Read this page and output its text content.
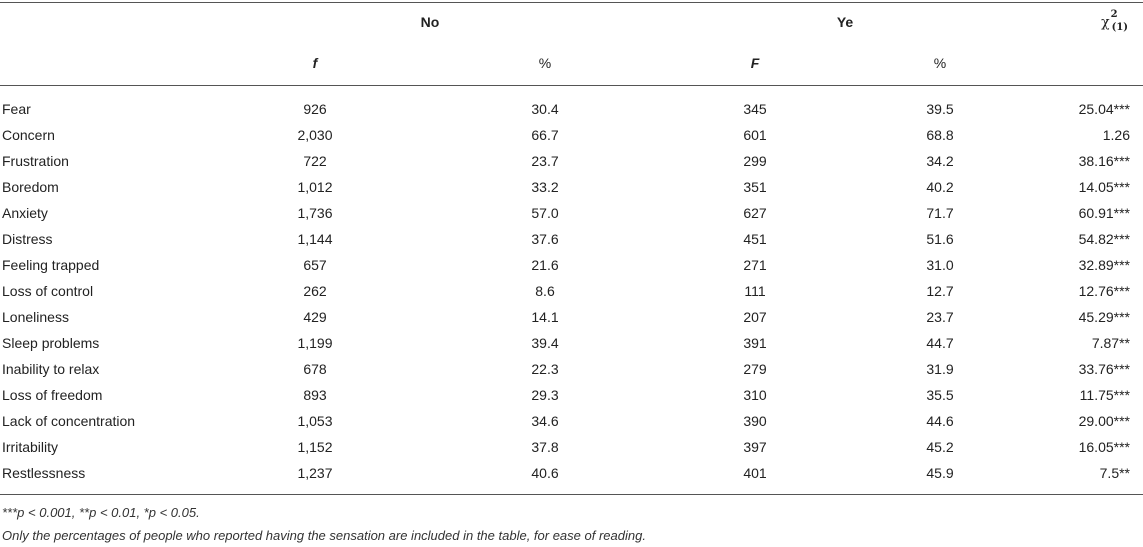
	No		Ye		$\chi^2_{(1)}$
	f	%	F	%	
Fear	926	30.4	345	39.5	25.04***
Concern	2,030	66.7	601	68.8	1.26
Frustration	722	23.7	299	34.2	38.16***
Boredom	1,012	33.2	351	40.2	14.05***
Anxiety	1,736	57.0	627	71.7	60.91***
Distress	1,144	37.6	451	51.6	54.82***
Feeling trapped	657	21.6	271	31.0	32.89***
Loss of control	262	8.6	111	12.7	12.76***
Loneliness	429	14.1	207	23.7	45.29***
Sleep problems	1,199	39.4	391	44.7	7.87**
Inability to relax	678	22.3	279	31.9	33.76***
Loss of freedom	893	29.3	310	35.5	11.75***
Lack of concentration	1,053	34.6	390	44.6	29.00***
Irritability	1,152	37.8	397	45.2	16.05***
Restlessness	1,237	40.6	401	45.9	7.5**
***p < 0.001, **p < 0.01, *p < 0.05.
Only the percentages of people who reported having the sensation are included in the table, for ease of reading.
